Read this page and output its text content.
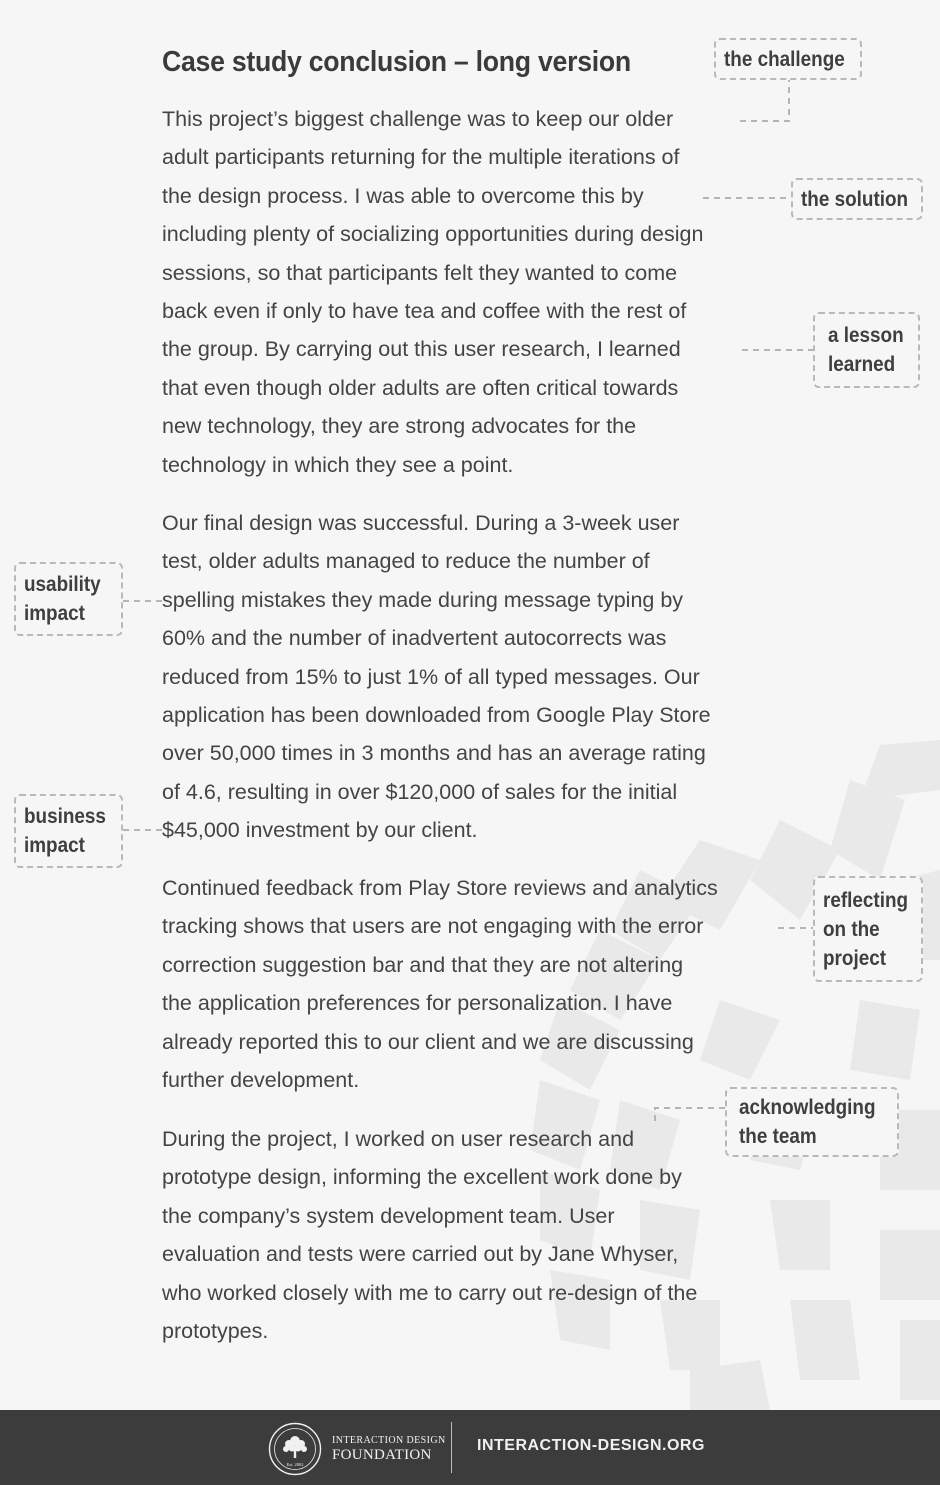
Case study conclusion – long version
This project’s biggest challenge was to keep our older
adult participants returning for the multiple iterations of
the design process. I was able to overcome this by
including plenty of socializing opportunities during design
sessions, so that participants felt they wanted to come
back even if only to have tea and coffee with the rest of
the group. By carrying out this user research, I learned
that even though older adults are often critical towards
new technology, they are strong advocates for the
technology in which they see a point.
Our final design was successful. During a 3-week user
test, older adults managed to reduce the number of
spelling mistakes they made during message typing by
60% and the number of inadvertent autocorrects was
reduced from 15% to just 1% of all typed messages. Our
application has been downloaded from Google Play Store
over 50,000 times in 3 months and has an average rating
of 4.6, resulting in over $120,000 of sales for the initial
$45,000 investment by our client.
Continued feedback from Play Store reviews and analytics
tracking shows that users are not engaging with the error
correction suggestion bar and that they are not altering
the application preferences for personalization. I have
already reported this to our client and we are discussing
further development.
During the project, I worked on user research and
prototype design, informing the excellent work done by
the company’s system development team. User
evaluation and tests were carried out by Jane Whyser,
who worked closely with me to carry out re-design of the
prototypes.
the challenge
the solution
a lesson
learned
usability
impact
business
impact
reflecting
on the
project
acknowledging
the team
Est. 2002
INTERACTION DESIGN
FOUNDATION
INTERACTION-DESIGN.ORG
